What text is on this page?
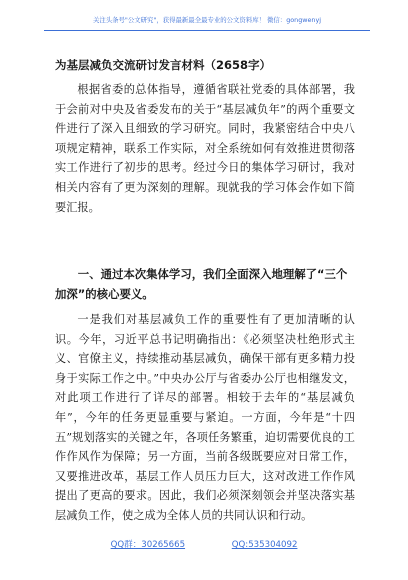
关注头条号"公文研究"，获得最新最全最专业的公文资料库！ 微信：gongwenyj
为基层减负交流研讨发言材料（2658字）

根据省委的总体指导，遵循省联社党委的具体部署，我于会前对中央及省委发布的关于“基层减负年”的两个重要文件进行了深入且细致的学习研究。同时，我紧密结合中央八项规定精神，联系工作实际，对全系统如何有效推进贯彻落实工作进行了初步的思考。经过今日的集体学习研讨，我对相关内容有了更为深刻的理解。现就我的学习体会作如下简要汇报。

一、通过本次集体学习，我们全面深入地理解了“三个加深”的核心要义。

一是我们对基层减负工作的重要性有了更加清晰的认识。今年，习近平总书记明确指出：《必须坚决杜绝形式主义、官僚主义，持续推动基层减负，确保干部有更多精力投身于实际工作之中。”中央办公厅与省委办公厅也相继发文，对此项工作进行了详尽的部署。相较于去年的“基层减负年”，今年的任务更显重要与紧迫。一方面，今年是“十四五”规划落实的关键之年，各项任务繁重，迫切需要优良的工作作风作为保障；另一方面，当前各级既要应对日常工作，又要推进改革，基层工作人员压力巨大，这对改进工作作风提出了更高的要求。因此，我们必须深刻领会并坚决落实基层减负工作，使之成为全体人员的共同认识和行动。

QQ群：30265665	QQ:535304092
